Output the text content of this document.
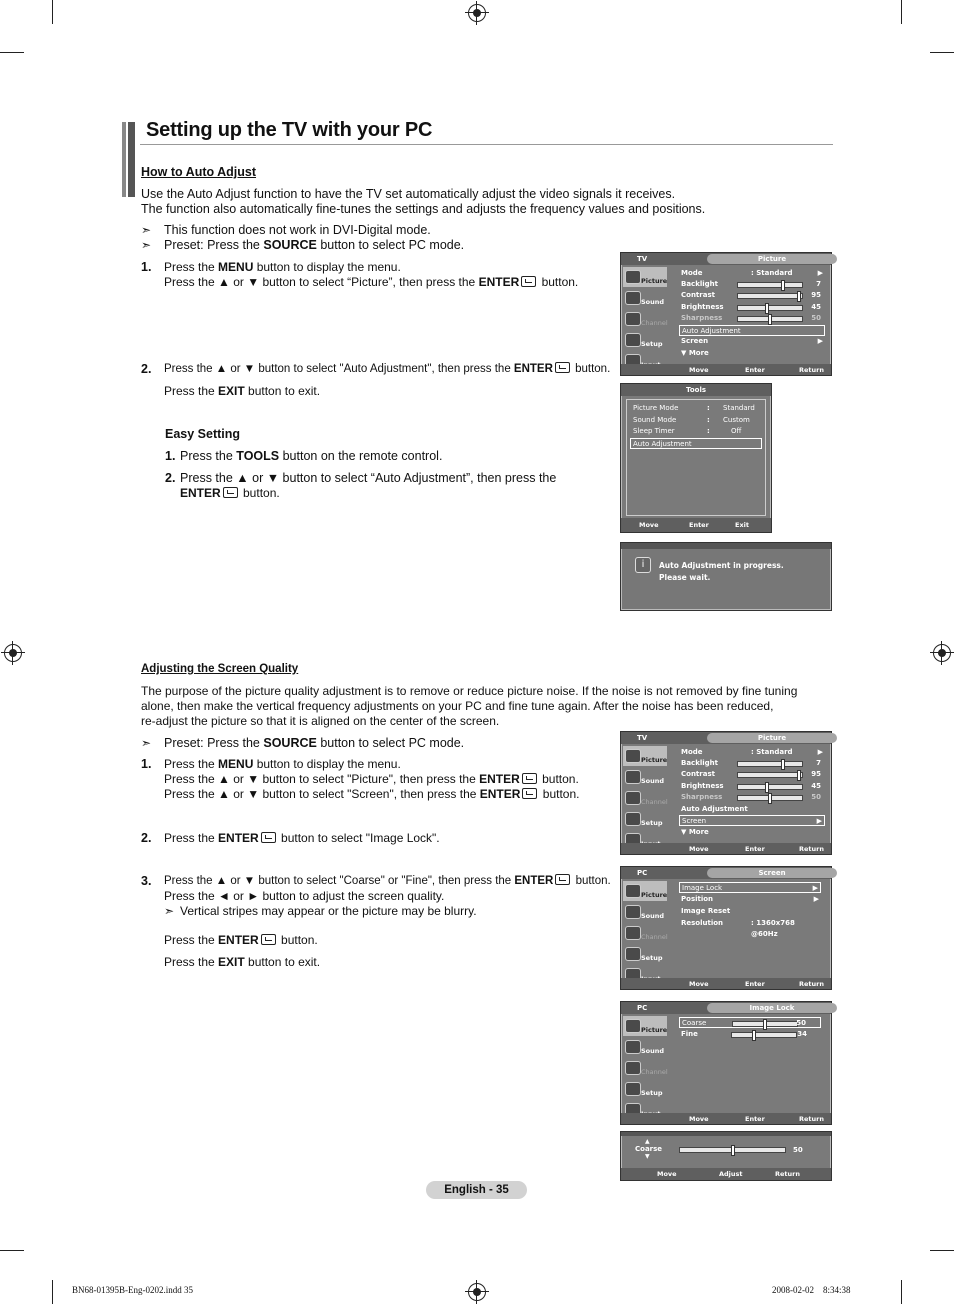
Setting up the TV with your PC
How to Auto Adjust
Use the Auto Adjust function to have the TV set automatically adjust the video signals it receives.
The function also automatically fine-tunes the settings and adjusts the frequency values and positions.
➣ This function does not work in DVI-Digital mode.
➣ Preset: Press the SOURCE button to select PC mode.
1. Press the MENU button to display the menu.
Press the ▲ or ▼ button to select “Picture”, then press the ENTER button.
2. Press the ▲ or ▼ button to select "Auto Adjustment", then press the ENTER button.
Press the EXIT button to exit.
Easy Setting
1. Press the TOOLS button on the remote control.
2. Press the ▲ or ▼ button to select “Auto Adjustment”, then press the
ENTER button.
TV	Picture
Picture
Sound
Channel
Setup
Mode	: Standard	▶
Backlight	7
Contrast	95
Brightness	45
Sharpness	50
Auto Adjustment
Screen	▶
▼ More
Move	Enter	Return
Tools
Picture Mode	: Standard
Sound Mode	: Custom
Sleep Timer	:	Off
Auto Adjustment
Move	Enter	Exit
i	Auto Adjustment in progress.
Please wait.
Adjusting the Screen Quality
The purpose of the picture quality adjustment is to remove or reduce picture noise. If the noise is not removed by fine tuning
alone, then make the vertical frequency adjustments on your PC and fine tune again. After the noise has been reduced,
re-adjust the picture so that it is aligned on the center of the screen.
➣ Preset: Press the SOURCE button to select PC mode.
1. Press the MENU button to display the menu.
Press the ▲ or ▼ button to select "Picture", then press the ENTER button.
Press the ▲ or ▼ button to select "Screen", then press the ENTER button.
2. Press the ENTER button to select "Image Lock".
3. Press the ▲ or ▼ button to select "Coarse" or "Fine", then press the ENTER button.
Press the ◄ or ► button to adjust the screen quality.
➣ Vertical stripes may appear or the picture may be blurry.
Press the ENTER button.
Press the EXIT button to exit.
TV	Picture
Picture
Sound
Channel
Setup
Mode	: Standard	▶
Backlight	7
Contrast	95
Brightness	45
Sharpness	50
Auto Adjustment
Screen	▶
▼ More
Move	Enter	Return
PC	Screen
Picture
Sound
Channel
Setup
Image Lock	▶
Position	▶
Image Reset
Resolution	: 1360x768 @60Hz
Move	Enter	Return
PC	Image Lock
Picture
Sound
Channel
Setup
Coarse	50
Fine	34
Move	Enter	Return
▲
Coarse
▼
50
Move	Adjust	Return
English - 35
BN68-01395B-Eng-0202.indd 35	2008-02-02    8:34:38
